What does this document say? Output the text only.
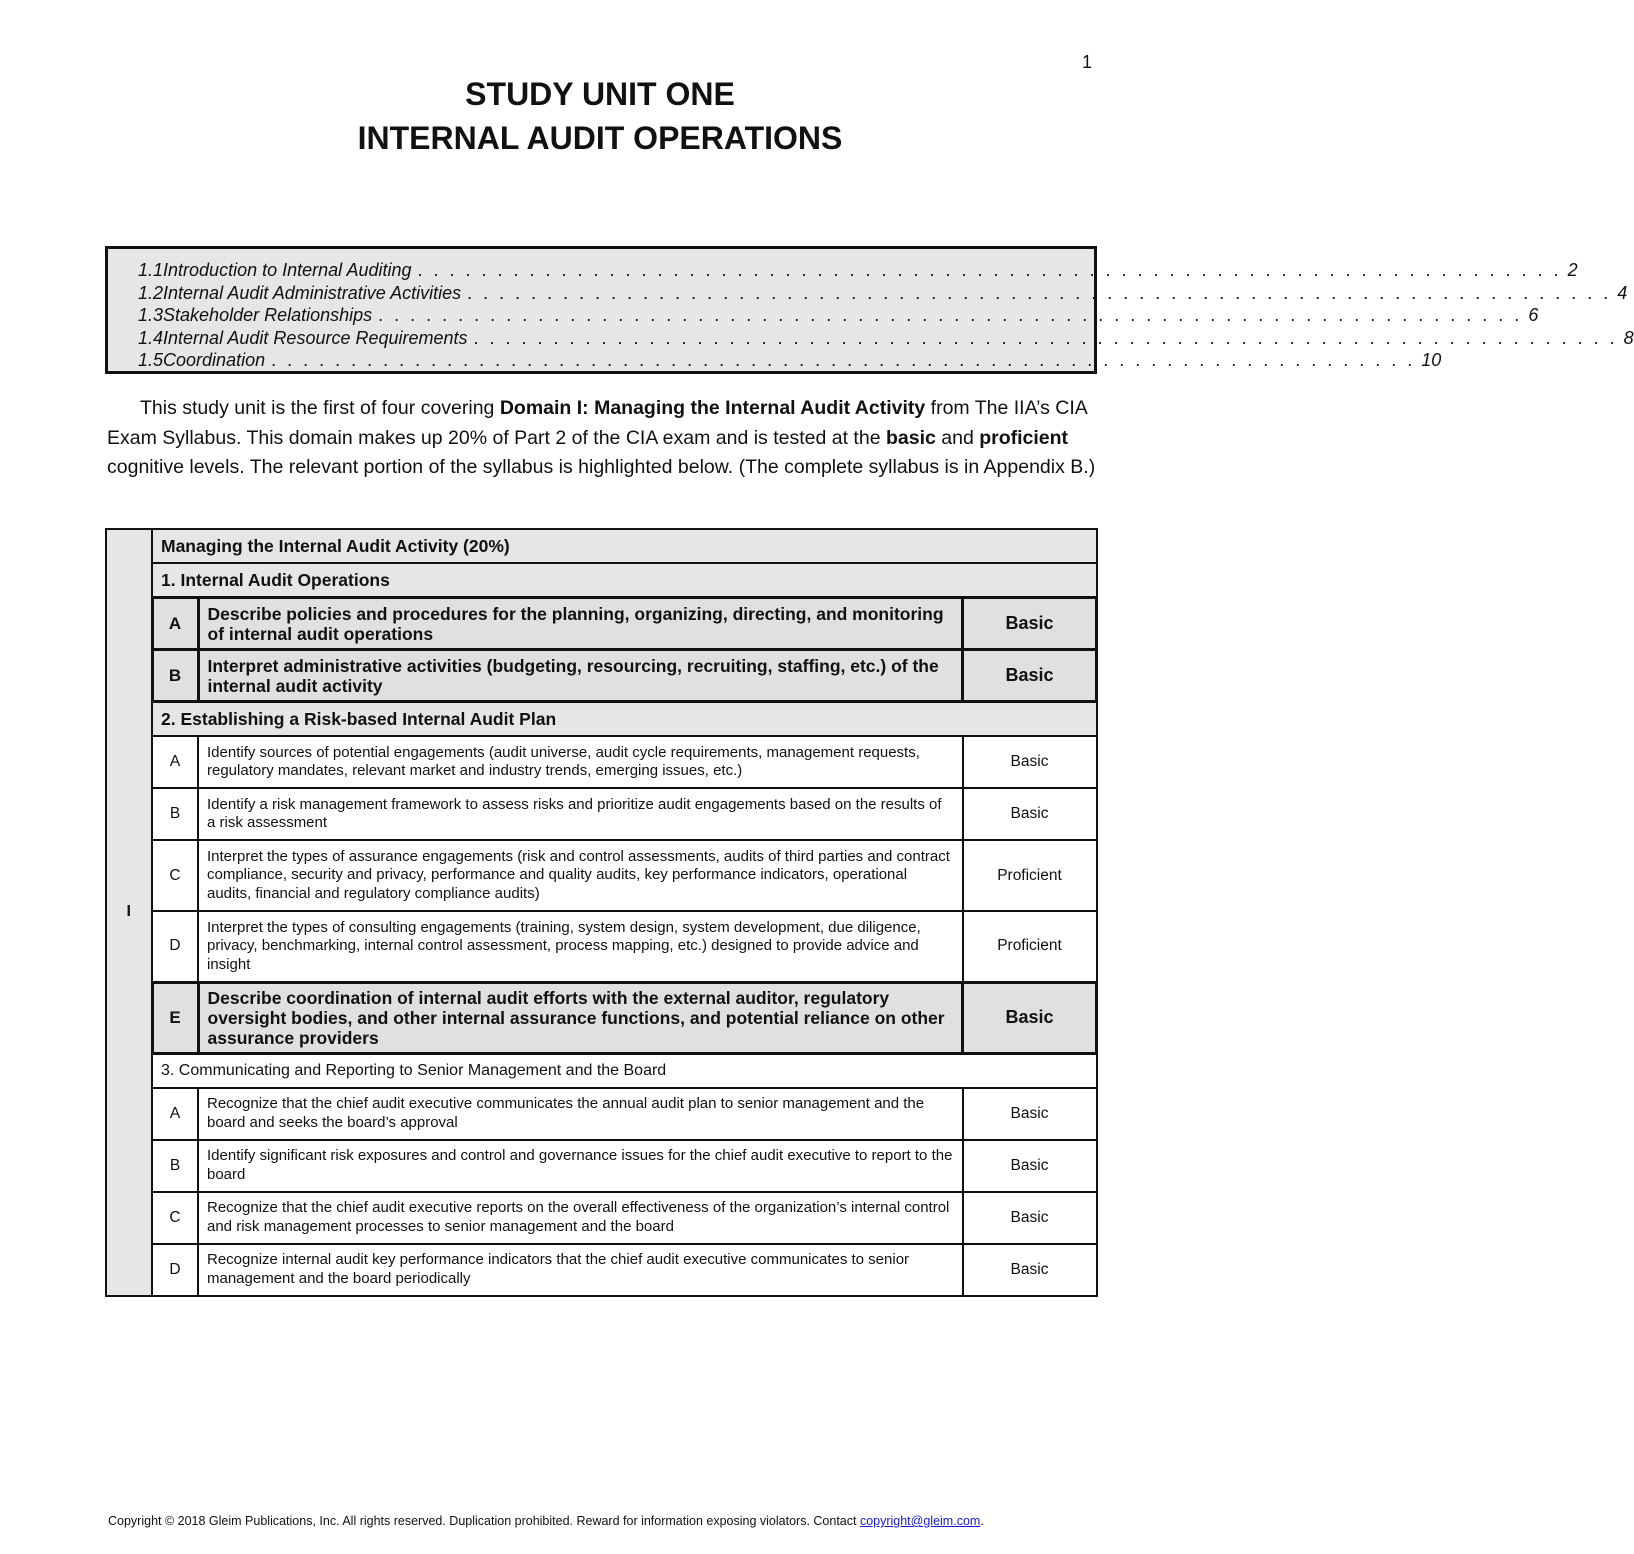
1
STUDY UNIT ONE
INTERNAL AUDIT OPERATIONS
1.1 Introduction to Internal Auditing . . . . . . . . . . . . . . . . . . . . . . . . . . . . . . . . . . . . . . . . . . . . . . . . . . . . . . . . . . . . . . . . . . . . . . . . 2
1.2 Internal Audit Administrative Activities . . . . . . . . . . . . . . . . . . . . . . . . . . . . . . . . . . . . . . . . . . . . . . . . . . . . . . . . . . . . . . . . . . . . . . . . 4
1.3 Stakeholder Relationships . . . . . . . . . . . . . . . . . . . . . . . . . . . . . . . . . . . . . . . . . . . . . . . . . . . . . . . . . . . . . . . . . . . . . . . . 6
1.4 Internal Audit Resource Requirements . . . . . . . . . . . . . . . . . . . . . . . . . . . . . . . . . . . . . . . . . . . . . . . . . . . . . . . . . . . . . . . . . . . . . . . . 8
1.5 Coordination . . . . . . . . . . . . . . . . . . . . . . . . . . . . . . . . . . . . . . . . . . . . . . . . . . . . . . . . . . . . . . . . . . . . . . . . 10

This study unit is the first of four covering Domain I: Managing the Internal Audit Activity from The IIA’s CIA Exam Syllabus. This domain makes up 20% of Part 2 of the CIA exam and is tested at the basic and proficient cognitive levels. The relevant portion of the syllabus is highlighted below. (The complete syllabus is in Appendix B.)

I	Managing the Internal Audit Activity (20%)		
	1. Internal Audit Operations		
	A	Describe policies and procedures for the planning, organizing, directing, and monitoring of internal audit operations	Basic
	B	Interpret administrative activities (budgeting, resourcing, recruiting, staffing, etc.) of the internal audit activity	Basic
	2. Establishing a Risk-based Internal Audit Plan		
	A	Identify sources of potential engagements (audit universe, audit cycle requirements, management requests, regulatory mandates, relevant market and industry trends, emerging issues, etc.)	Basic
	B	Identify a risk management framework to assess risks and prioritize audit engagements based on the results of a risk assessment	Basic
	C	Interpret the types of assurance engagements (risk and control assessments, audits of third parties and contract compliance, security and privacy, performance and quality audits, key performance indicators, operational audits, financial and regulatory compliance audits)	Proficient
	D	Interpret the types of consulting engagements (training, system design, system development, due diligence, privacy, benchmarking, internal control assessment, process mapping, etc.) designed to provide advice and insight	Proficient
	E	Describe coordination of internal audit efforts with the external auditor, regulatory oversight bodies, and other internal assurance functions, and potential reliance on other assurance providers	Basic
	3. Communicating and Reporting to Senior Management and the Board		
	A	Recognize that the chief audit executive communicates the annual audit plan to senior management and the board and seeks the board’s approval	Basic
	B	Identify significant risk exposures and control and governance issues for the chief audit executive to report to the board	Basic
	C	Recognize that the chief audit executive reports on the overall effectiveness of the organization’s internal control and risk management processes to senior management and the board	Basic
	D	Recognize internal audit key performance indicators that the chief audit executive communicates to senior management and the board periodically	Basic
Copyright © 2018 Gleim Publications, Inc. All rights reserved. Duplication prohibited. Reward for information exposing violators. Contact copyright@gleim.com.
